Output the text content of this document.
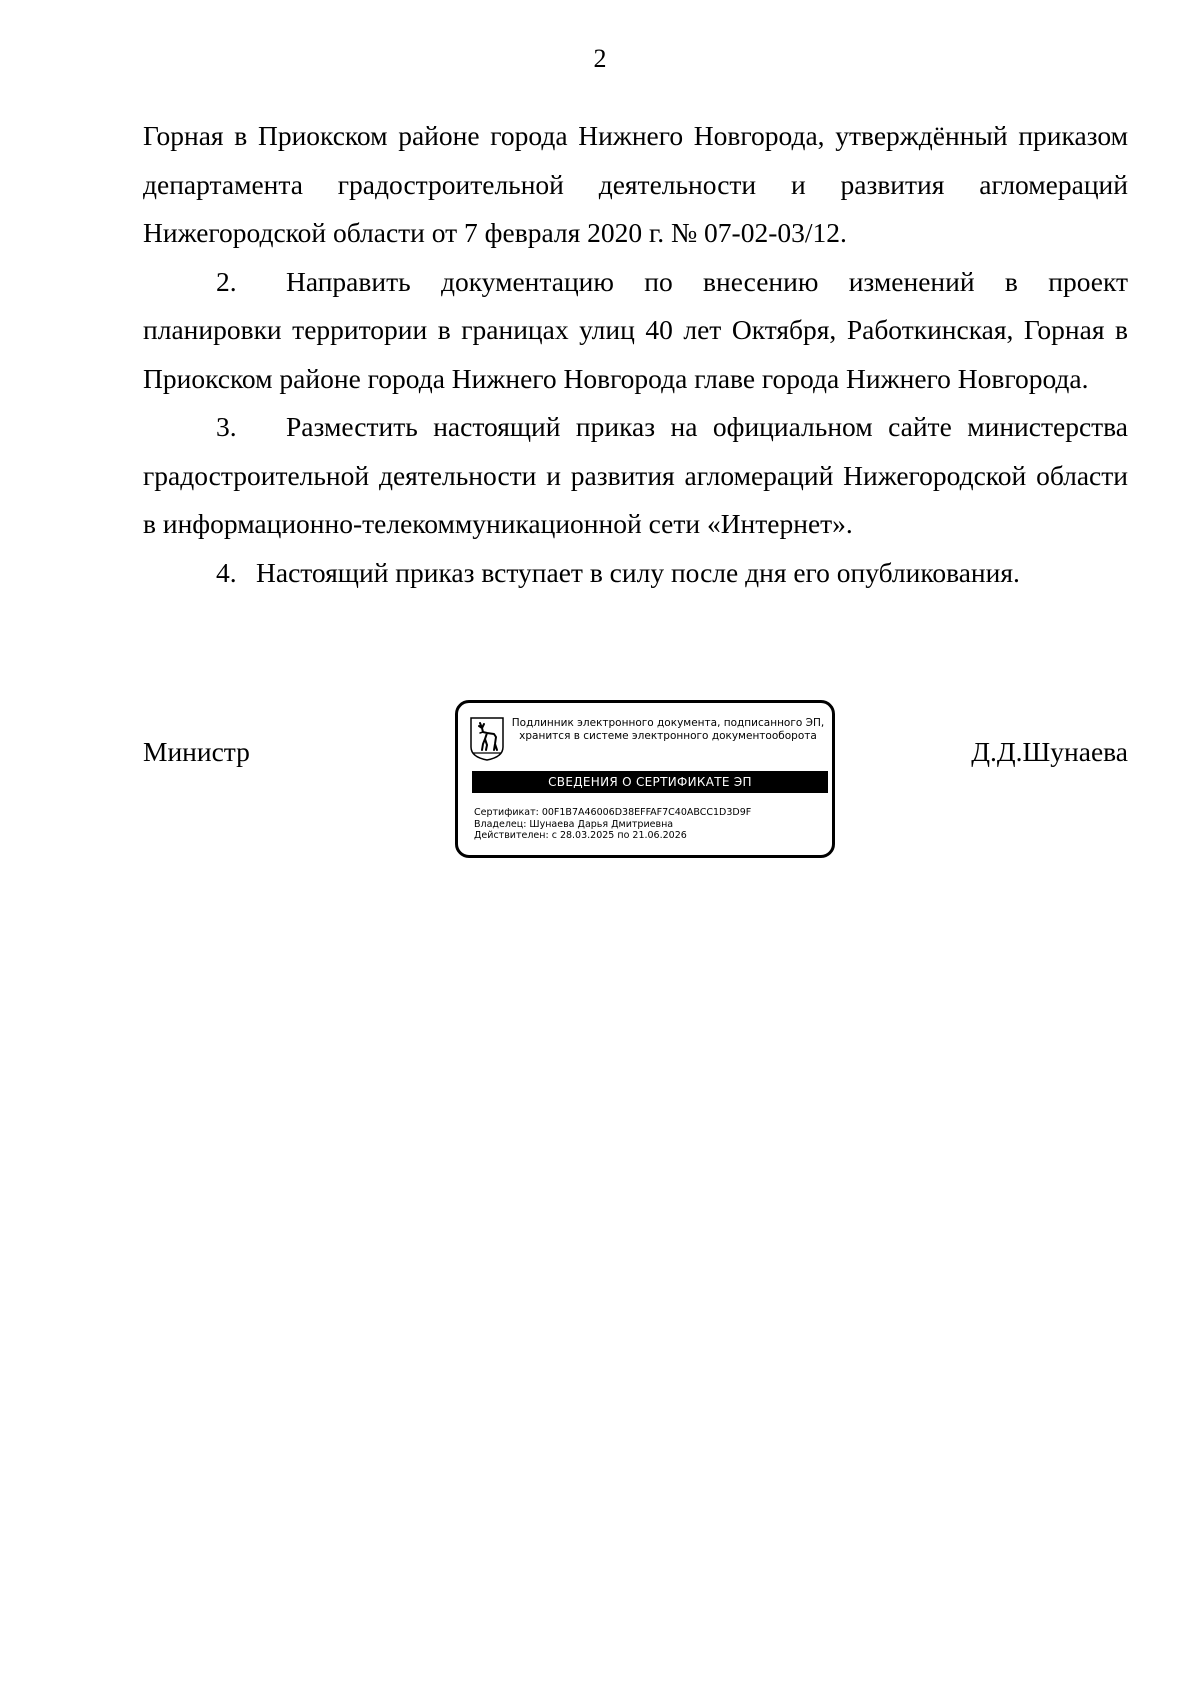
2

Горная в Приокском районе города Нижнего Новгорода, утверждённый приказом департамента градостроительной деятельности и развития агломераций Нижегородской области от 7 февраля 2020 г. № 07-02-03/12.

2. Направить документацию по внесению изменений в проект планировки территории в границах улиц 40 лет Октября, Работкинская, Горная в Приокском районе города Нижнего Новгорода главе города Нижнего Новгорода.

3. Разместить настоящий приказ на официальном сайте министерства градостроительной деятельности и развития агломераций Нижегородской области в информационно-телекоммуникационной сети «Интернет».

4. Настоящий приказ вступает в силу после дня его опубликования.

Министр	Д.Д.Шунаева
Подлинник электронного документа, подписанного ЭП,
хранится в системе электронного документооборота
СВЕДЕНИЯ О СЕРТИФИКАТЕ ЭП
Сертификат: 00F1B7A46006D38EFFAF7C40ABCC1D3D9F
Владелец: Шунаева Дарья Дмитриевна
Действителен: с 28.03.2025 по 21.06.2026
